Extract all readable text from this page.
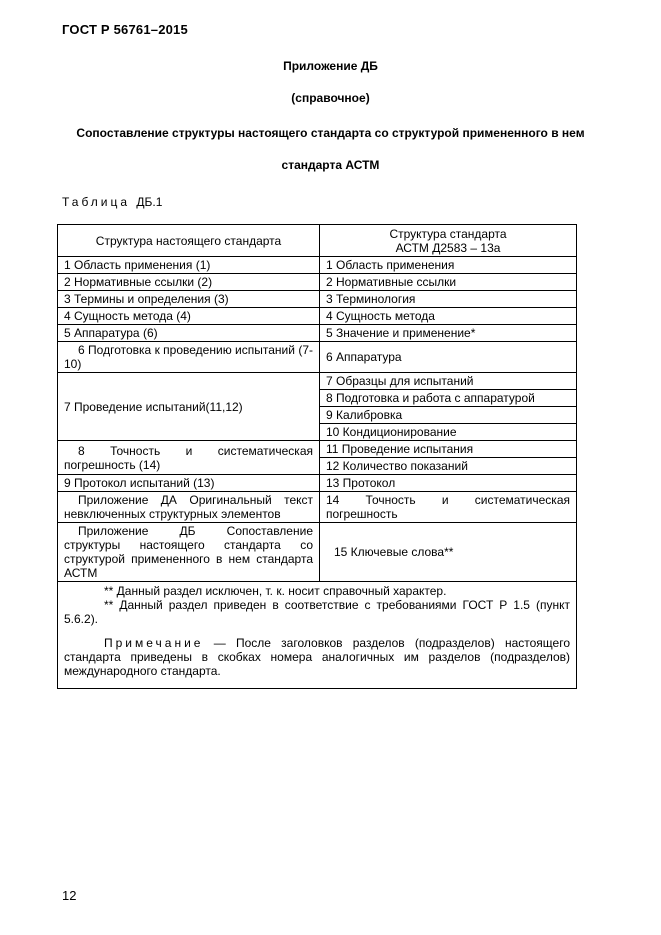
ГОСТ Р 56761–2015
Приложение ДБ
(справочное)
Сопоставление структуры настоящего стандарта со структурой примененного в нем
стандарта АСТМ
Таблица ДБ.1
Структура настоящего стандарта	Структура стандарта
АСТМ Д2583 – 13а

1 Область применения (1)	1 Область применения
2 Нормативные ссылки (2)	2 Нормативные ссылки
3 Термины и определения (3)	3 Терминология
4 Сущность метода (4)	4 Сущность метода
5 Аппаратура (6)	5 Значение и применение*
6 Подготовка к проведению испытаний (7-10)	6 Аппаратура
7 Проведение испытаний(11,12)	7 Образцы для испытаний
	8 Подготовка и работа с аппаратурой
	9 Калибровка
	10 Кондиционирование
8 Точность и систематическая погрешность (14)	11 Проведение испытания
	12 Количество показаний
9 Протокол испытаний (13)	13 Протокол
Приложение ДА Оригинальный текст невключенных структурных элементов	14 Точность и систематическая погрешность
Приложение ДБ Сопоставление структуры настоящего стандарта со структурой примененного в нем стандарта АСТМ	15 Ключевые слова**

** Данный раздел исключен, т. к. носит справочный характер.

** Данный раздел приведен в соответствие с требованиями ГОСТ Р 1.5 (пункт 5.6.2).

Примечание — После заголовков разделов (подразделов) настоящего стандарта приведены в скобках номера аналогичных им разделов (подразделов) международного стандарта.	

12
